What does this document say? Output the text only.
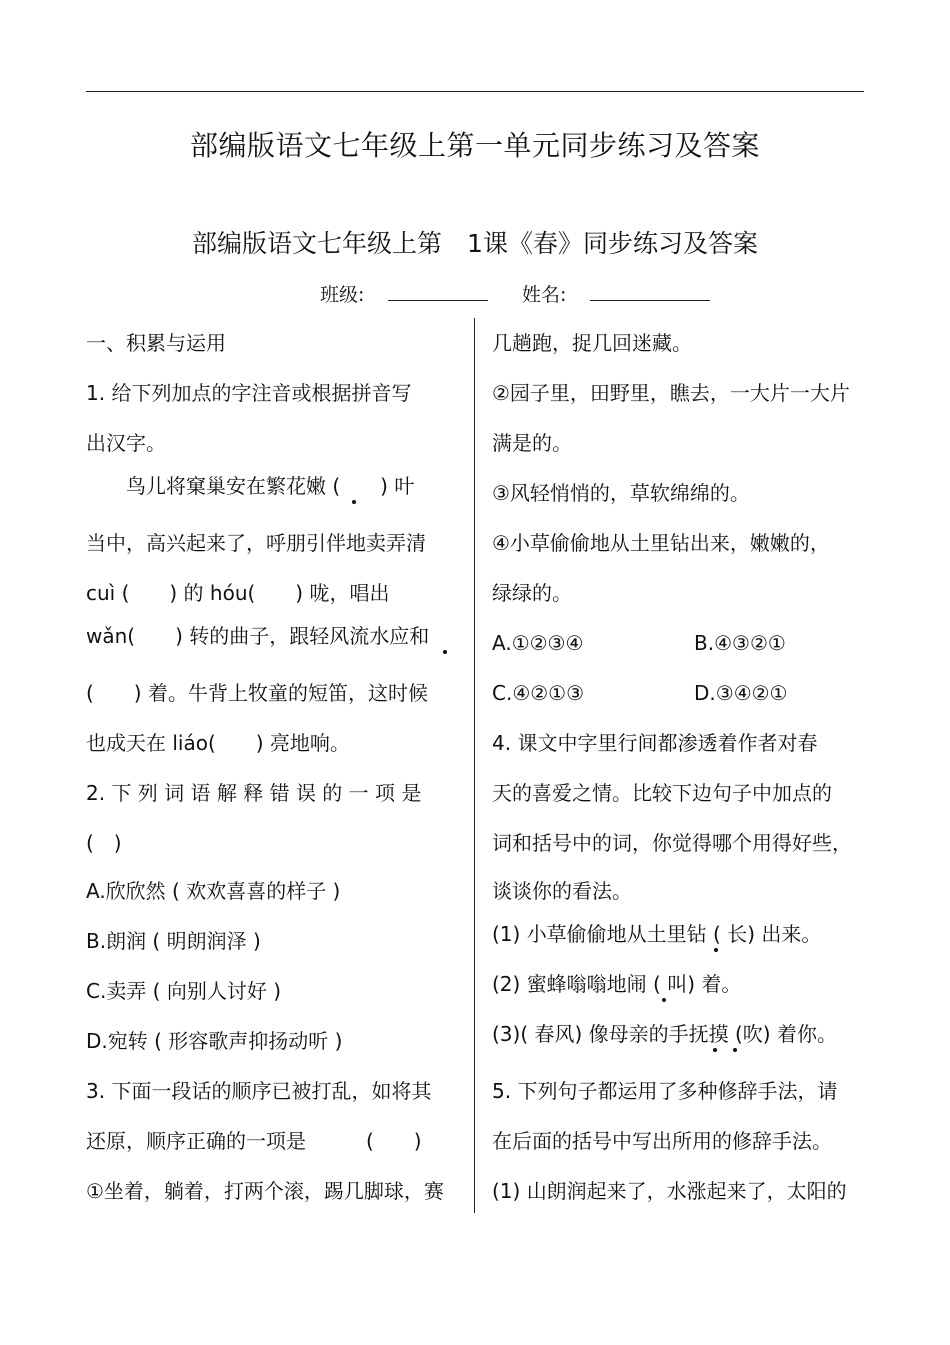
部编版语文七年级上第一单元同步练习及答案
部编版语文七年级上第　1课《春》同步练习及答案
班级:	姓名:
一、积累与运用
1. 给下列加点的字注音或根据拼音写
出汉字。
　　鸟儿将窠巢安在繁花嫩 (　　) 叶
当中，高兴起来了，呼朋引伴地卖弄清
cuì (　　) 的 hóu(　　) 咙，唱出
wǎn(　　) 转的曲子，跟轻风流水应和
(　　) 着。牛背上牧童的短笛，这时候
也成天在 liáo(　　) 亮地响。
2. 下 列 词 语 解 释 错 误 的 一 项 是
(　)
A.欣欣然 ( 欢欢喜喜的样子 )
B.朗润 ( 明朗润泽 )
C.卖弄 ( 向别人讨好 )
D.宛转 ( 形容歌声抑扬动听 )
3. 下面一段话的顺序已被打乱，如将其
还原，顺序正确的一项是　　　(　　)
①坐着，躺着，打两个滚，踢几脚球，赛
几趟跑，捉几回迷藏。
②园子里，田野里，瞧去，一大片一大片
满是的。
③风轻悄悄的，草软绵绵的。
④小草偷偷地从土里钻出来，嫩嫩的，
绿绿的。
A.①②③④	B.④③②①
C.④②①③	D.③④②①
4. 课文中字里行间都渗透着作者对春
天的喜爱之情。比较下边句子中加点的
词和括号中的词，你觉得哪个用得好些，
谈谈你的看法。
(1) 小草偷偷地从土里钻 ( 长) 出来。
(2) 蜜蜂嗡嗡地闹 ( 叫) 着。
(3)( 春风) 像母亲的手抚摸 (吹) 着你。
5. 下列句子都运用了多种修辞手法，请
在后面的括号中写出所用的修辞手法。
(1) 山朗润起来了，水涨起来了，太阳的
